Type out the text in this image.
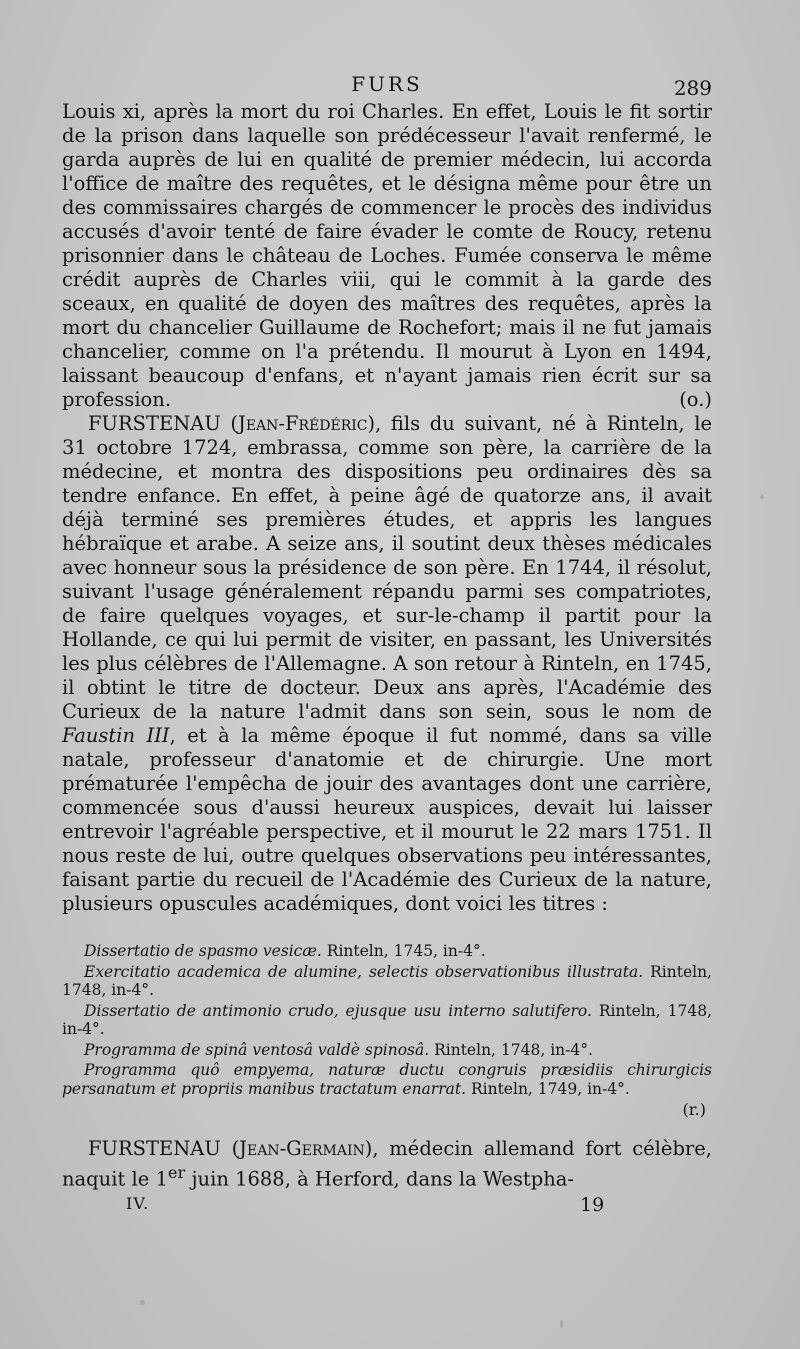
FURS	289

Louis xi, après la mort du roi Charles. En effet, Louis le fit sortir de la prison dans laquelle son prédécesseur l'avait renfermé, le garda auprès de lui en qualité de premier médecin, lui accorda l'office de maître des requêtes, et le désigna même pour être un des commissaires chargés de commencer le procès des individus accusés d'avoir tenté de faire évader le comte de Roucy, retenu prisonnier dans le château de Loches. Fumée conserva le même crédit auprès de Charles viii, qui le commit à la garde des sceaux, en qualité de doyen des maîtres des requêtes, après la mort du chancelier Guillaume de Rochefort; mais il ne fut jamais chancelier, comme on l'a prétendu. Il mourut à Lyon en 1494, laissant beaucoup d'enfans, et n'ayant jamais rien écrit sur sa profession.	(o.)

FURSTENAU (Jean-Frédéric), fils du suivant, né à Rinteln, le 31 octobre 1724, embrassa, comme son père, la carrière de la médecine, et montra des dispositions peu ordinaires dès sa tendre enfance. En effet, à peine âgé de quatorze ans, il avait déjà terminé ses premières études, et appris les langues hébraïque et arabe. A seize ans, il soutint deux thèses médicales avec honneur sous la présidence de son père. En 1744, il résolut, suivant l'usage généralement répandu parmi ses compatriotes, de faire quelques voyages, et sur-le-champ il partit pour la Hollande, ce qui lui permit de visiter, en passant, les Universités les plus célèbres de l'Allemagne. A son retour à Rinteln, en 1745, il obtint le titre de docteur. Deux ans après, l'Académie des Curieux de la nature l'admit dans son sein, sous le nom de Faustin III, et à la même époque il fut nommé, dans sa ville natale, professeur d'anatomie et de chirurgie. Une mort prématurée l'empêcha de jouir des avantages dont une carrière, commencée sous d'aussi heureux auspices, devait lui laisser entrevoir l'agréable perspective, et il mourut le 22 mars 1751. Il nous reste de lui, outre quelques observations peu intéressantes, faisant partie du recueil de l'Académie des Curieux de la nature, plusieurs opuscules académiques, dont voici les titres :

Dissertatio de spasmo vesicæ. Rinteln, 1745, in-4°.

Exercitatio academica de alumine, selectis observationibus illustrata. Rinteln, 1748, in-4°.

Dissertatio de antimonio crudo, ejusque usu interno salutifero. Rinteln, 1748, in-4°.

Programma de spinâ ventosâ valdè spinosâ. Rinteln, 1748, in-4°.

Programma quô empyema, naturæ ductu congruis præsidiis chirurgicis persanatum et propriis manibus tractatum enarrat. Rinteln, 1749, in-4°.

(r.)

FURSTENAU (Jean-Germain), médecin allemand fort célèbre, naquit le 1er juin 1688, à Herford, dans la Westpha-

IV.	19
